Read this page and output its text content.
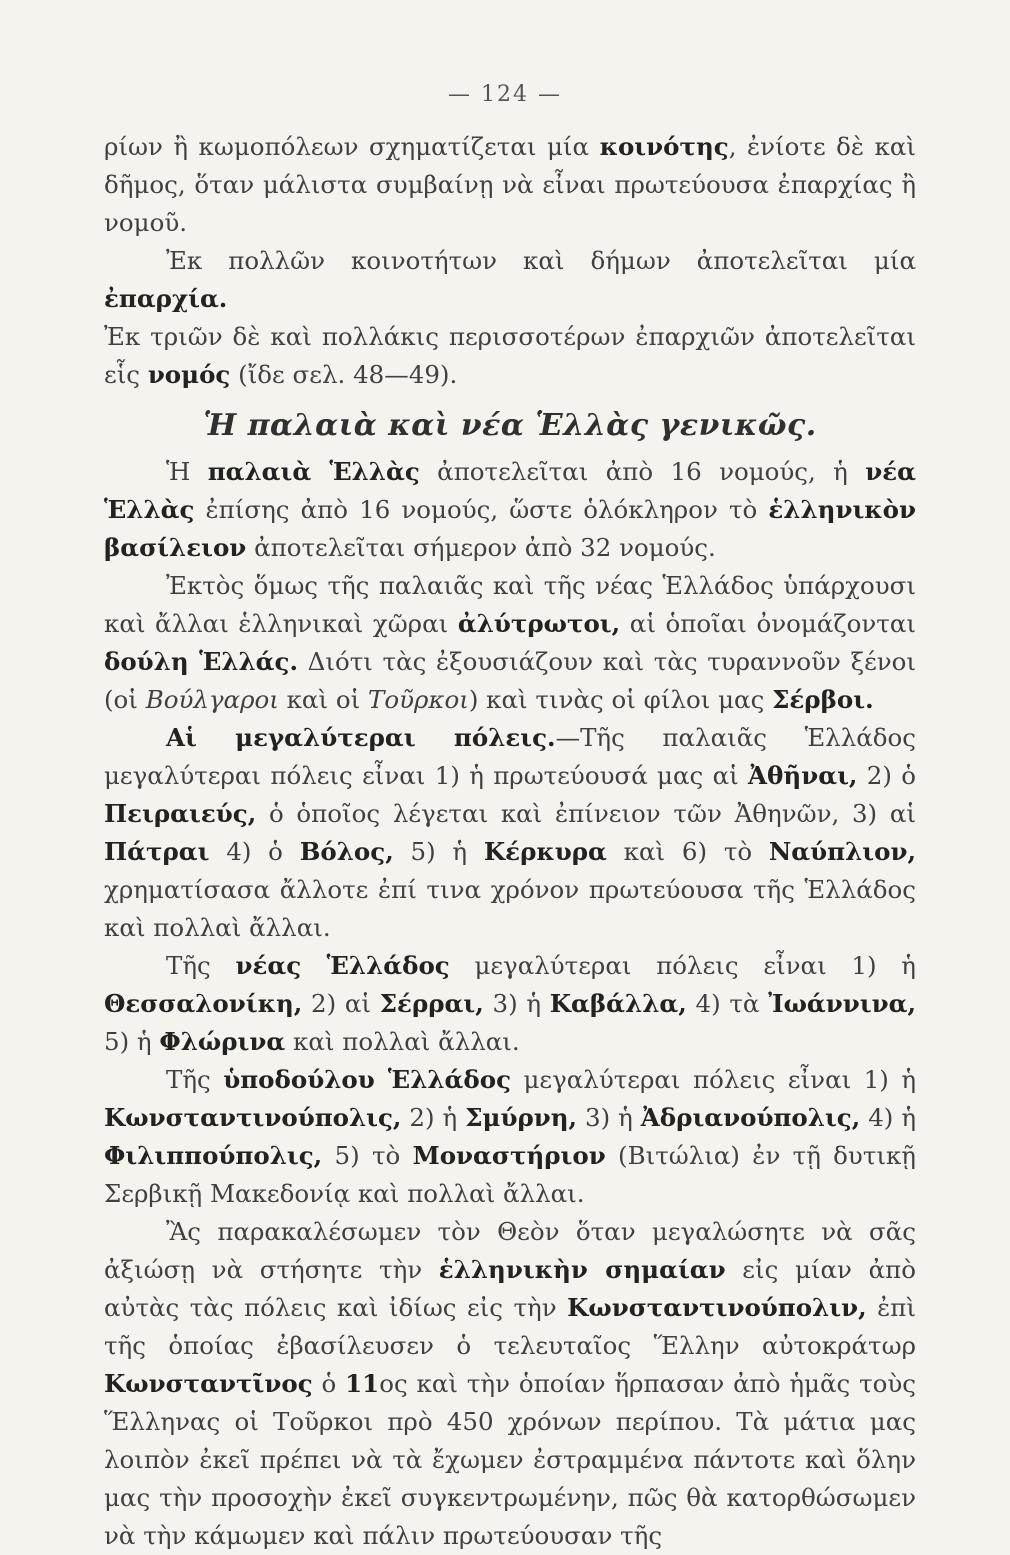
— 124 —

ρίων ἢ κωμοπόλεων σχηματίζεται μία κοινότης, ἐνίοτε δὲ καὶ δῆμος, ὅταν μάλιστα συμβαίνῃ νὰ εἶναι πρωτεύουσα ἐπαρχίας ἢ νομοῦ.

Ἐκ πολλῶν κοινοτήτων καὶ δήμων ἀποτελεῖται μία ἐπαρχία.

Ἐκ τριῶν δὲ καὶ πολλάκις περισσοτέρων ἐπαρχιῶν ἀποτελεῖται εἷς νομός (ἴδε σελ. 48—49).

Ἡ παλαιὰ καὶ νέα Ἑλλὰς γενικῶς.

Ἡ παλαιὰ Ἑλλὰς ἀποτελεῖται ἀπὸ 16 νομούς, ἡ νέα Ἑλλὰς ἐπίσης ἀπὸ 16 νομούς, ὥστε ὁλόκληρον τὸ ἑλληνικὸν βασίλειον ἀποτελεῖται σήμερον ἀπὸ 32 νομούς.

Ἐκτὸς ὅμως τῆς παλαιᾶς καὶ τῆς νέας Ἑλλάδος ὑπάρχουσι καὶ ἄλλαι ἑλληνικαὶ χῶραι ἀλύτρωτοι, αἱ ὁποῖαι ὀνομάζονται δούλη Ἑλλάς. Διότι τὰς ἐξουσιάζουν καὶ τὰς τυραννοῦν ξένοι (οἱ Βούλγαροι καὶ οἱ Τοῦρκοι) καὶ τινὰς οἱ φίλοι μας Σέρβοι.

Αἱ μεγαλύτεραι πόλεις.—Τῆς παλαιᾶς Ἑλλάδος μεγαλύτεραι πόλεις εἶναι 1) ἡ πρωτεύουσά μας αἱ Ἀθῆναι, 2) ὁ Πειραιεύς, ὁ ὁποῖος λέγεται καὶ ἐπίνειον τῶν Ἀθηνῶν, 3) αἱ Πάτραι 4) ὁ Βόλος, 5) ἡ Κέρκυρα καὶ 6) τὸ Ναύπλιον, χρηματίσασα ἄλλοτε ἐπί τινα χρόνον πρωτεύουσα τῆς Ἑλλάδος καὶ πολλαὶ ἄλλαι.

Τῆς νέας Ἑλλάδος μεγαλύτεραι πόλεις εἶναι 1) ἡ Θεσσαλονίκη, 2) αἱ Σέρραι, 3) ἡ Καβάλλα, 4) τὰ Ἰωάννινα, 5) ἡ Φλώρινα καὶ πολλαὶ ἄλλαι.

Τῆς ὑποδούλου Ἑλλάδος μεγαλύτεραι πόλεις εἶναι 1) ἡ Κωνσταντινούπολις, 2) ἡ Σμύρνη, 3) ἡ Ἀδριανούπολις, 4) ἡ Φιλιππούπολις, 5) τὸ Μοναστήριον (Βιτώλια) ἐν τῇ δυτικῇ Σερβικῇ Μακεδονίᾳ καὶ πολλαὶ ἄλλαι.

Ἂς παρακαλέσωμεν τὸν Θεὸν ὅταν μεγαλώσητε νὰ σᾶς ἀξιώσῃ νὰ στήσητε τὴν ἑλληνικὴν σημαίαν εἰς μίαν ἀπὸ αὐτὰς τὰς πόλεις καὶ ἰδίως εἰς τὴν Κωνσταντινούπολιν, ἐπὶ τῆς ὁποίας ἐβασίλευσεν ὁ τελευταῖος Ἕλλην αὐτοκράτωρ Κωνσταντῖνος ὁ 11ος καὶ τὴν ὁποίαν ἥρπασαν ἀπὸ ἡμᾶς τοὺς Ἕλληνας οἱ Τοῦρκοι πρὸ 450 χρόνων περίπου. Τὰ μάτια μας λοιπὸν ἐκεῖ πρέπει νὰ τὰ ἔχωμεν ἐστραμμένα πάντοτε καὶ ὅλην μας τὴν προσοχὴν ἐκεῖ συγκεντρωμένην, πῶς θὰ κατορθώσωμεν νὰ τὴν κάμωμεν καὶ πάλιν πρωτεύουσαν τῆς
